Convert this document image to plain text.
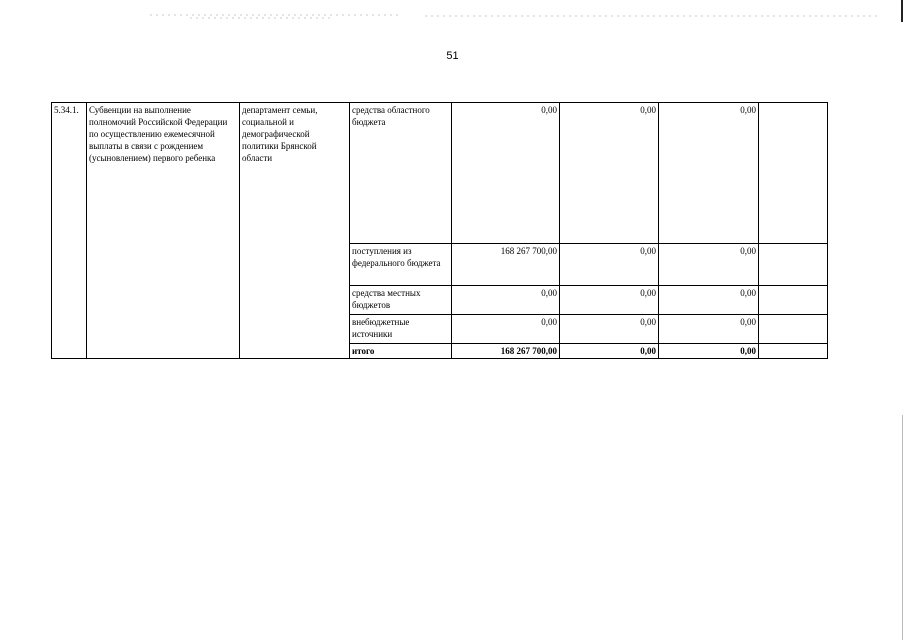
51
5.34.1.	Субвенции на выполнение полномочий Российской Федерации по осуществлению ежемесячной выплаты в связи с рождением (усыновлением) первого ребенка	департамент семьи, социальной и демографической политики Брянской области	средства областного бюджета	0,00	0,00	0,00	
			поступления из федерального бюджета	168 267 700,00	0,00	0,00	
			средства местных бюджетов	0,00	0,00	0,00	
			внебюджетные источники	0,00	0,00	0,00	
			итого	168 267 700,00	0,00	0,00	
